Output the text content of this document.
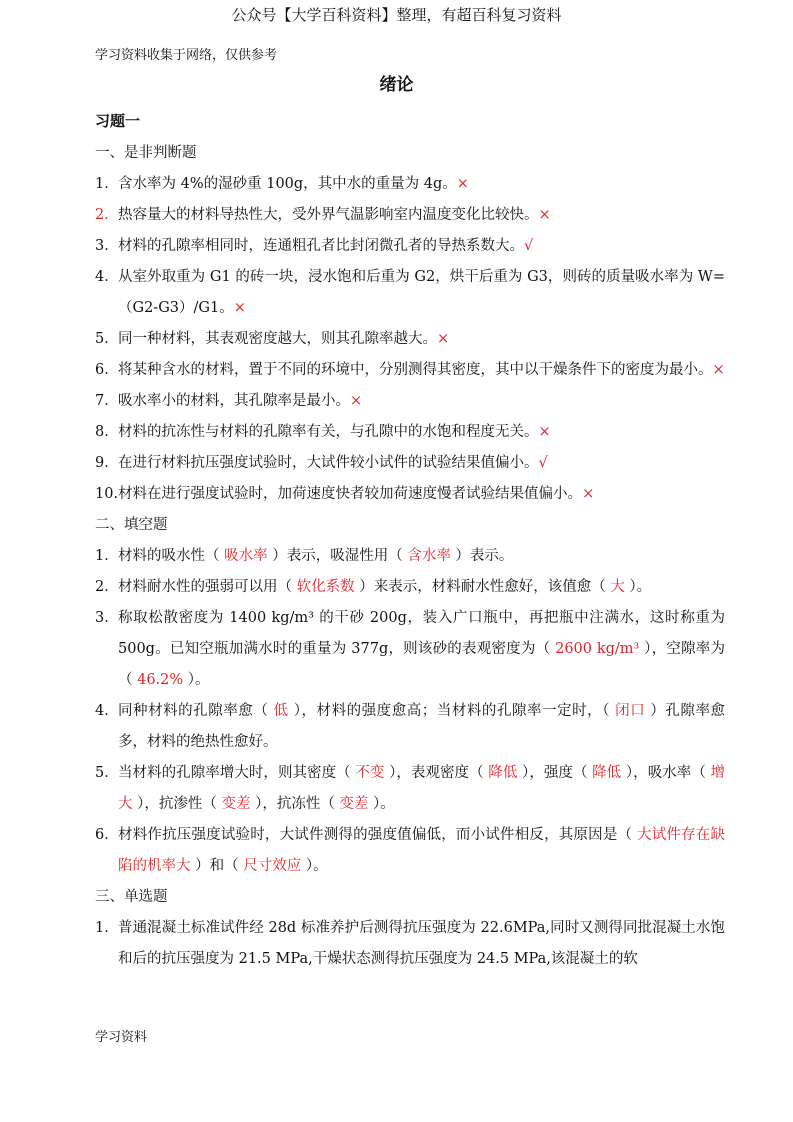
公众号【大学百科资料】整理，有超百科复习资料
学习资料收集于网络，仅供参考
绪论
习题一
一、是非判断题
1． 含水率为 4%的湿砂重 100g，其中水的重量为 4g。×
2． 热容量大的材料导热性大，受外界气温影响室内温度变化比较快。×
3． 材料的孔隙率相同时，连通粗孔者比封闭微孔者的导热系数大。√
4． 从室外取重为 G1 的砖一块，浸水饱和后重为 G2，烘干后重为 G3，则砖的质量吸水率为 W=（G2-G3）/G1。×
5． 同一种材料，其表观密度越大，则其孔隙率越大。×
6． 将某种含水的材料，置于不同的环境中，分别测得其密度，其中以干燥条件下的密度为最小。×
7． 吸水率小的材料，其孔隙率是最小。×
8． 材料的抗冻性与材料的孔隙率有关，与孔隙中的水饱和程度无关。×
9． 在进行材料抗压强度试验时，大试件较小试件的试验结果值偏小。√
10. 材料在进行强度试验时，加荷速度快者较加荷速度慢者试验结果值偏小。×
二、填空题
1． 材料的吸水性（ 吸水率 ）表示，吸湿性用（ 含水率 ）表示。
2． 材料耐水性的强弱可以用（ 软化系数 ）来表示，材料耐水性愈好，该值愈（ 大 ）。
3． 称取松散密度为 1400 kg/m³ 的干砂 200g，装入广口瓶中，再把瓶中注满水，这时称重为 500g。已知空瓶加满水时的重量为 377g，则该砂的表观密度为（ 2600 kg/m³ ），空隙率为（ 46.2% ）。
4． 同种材料的孔隙率愈（ 低 ），材料的强度愈高；当材料的孔隙率一定时，（ 闭口 ）孔隙率愈多，材料的绝热性愈好。
5． 当材料的孔隙率增大时，则其密度（ 不变 ），表观密度（ 降低 ），强度（ 降低 ），吸水率（ 增大 ），抗渗性（ 变差 ），抗冻性（ 变差 ）。
6． 材料作抗压强度试验时，大试件测得的强度值偏低，而小试件相反，其原因是（ 大试件存在缺陷的机率大 ）和（ 尺寸效应 ）。
三、单选题
1． 普通混凝土标准试件经 28d 标准养护后测得抗压强度为 22.6MPa,同时又测得同批混凝土水饱和后的抗压强度为 21.5 MPa,干燥状态测得抗压强度为 24.5 MPa,该混凝土的软
学习资料
